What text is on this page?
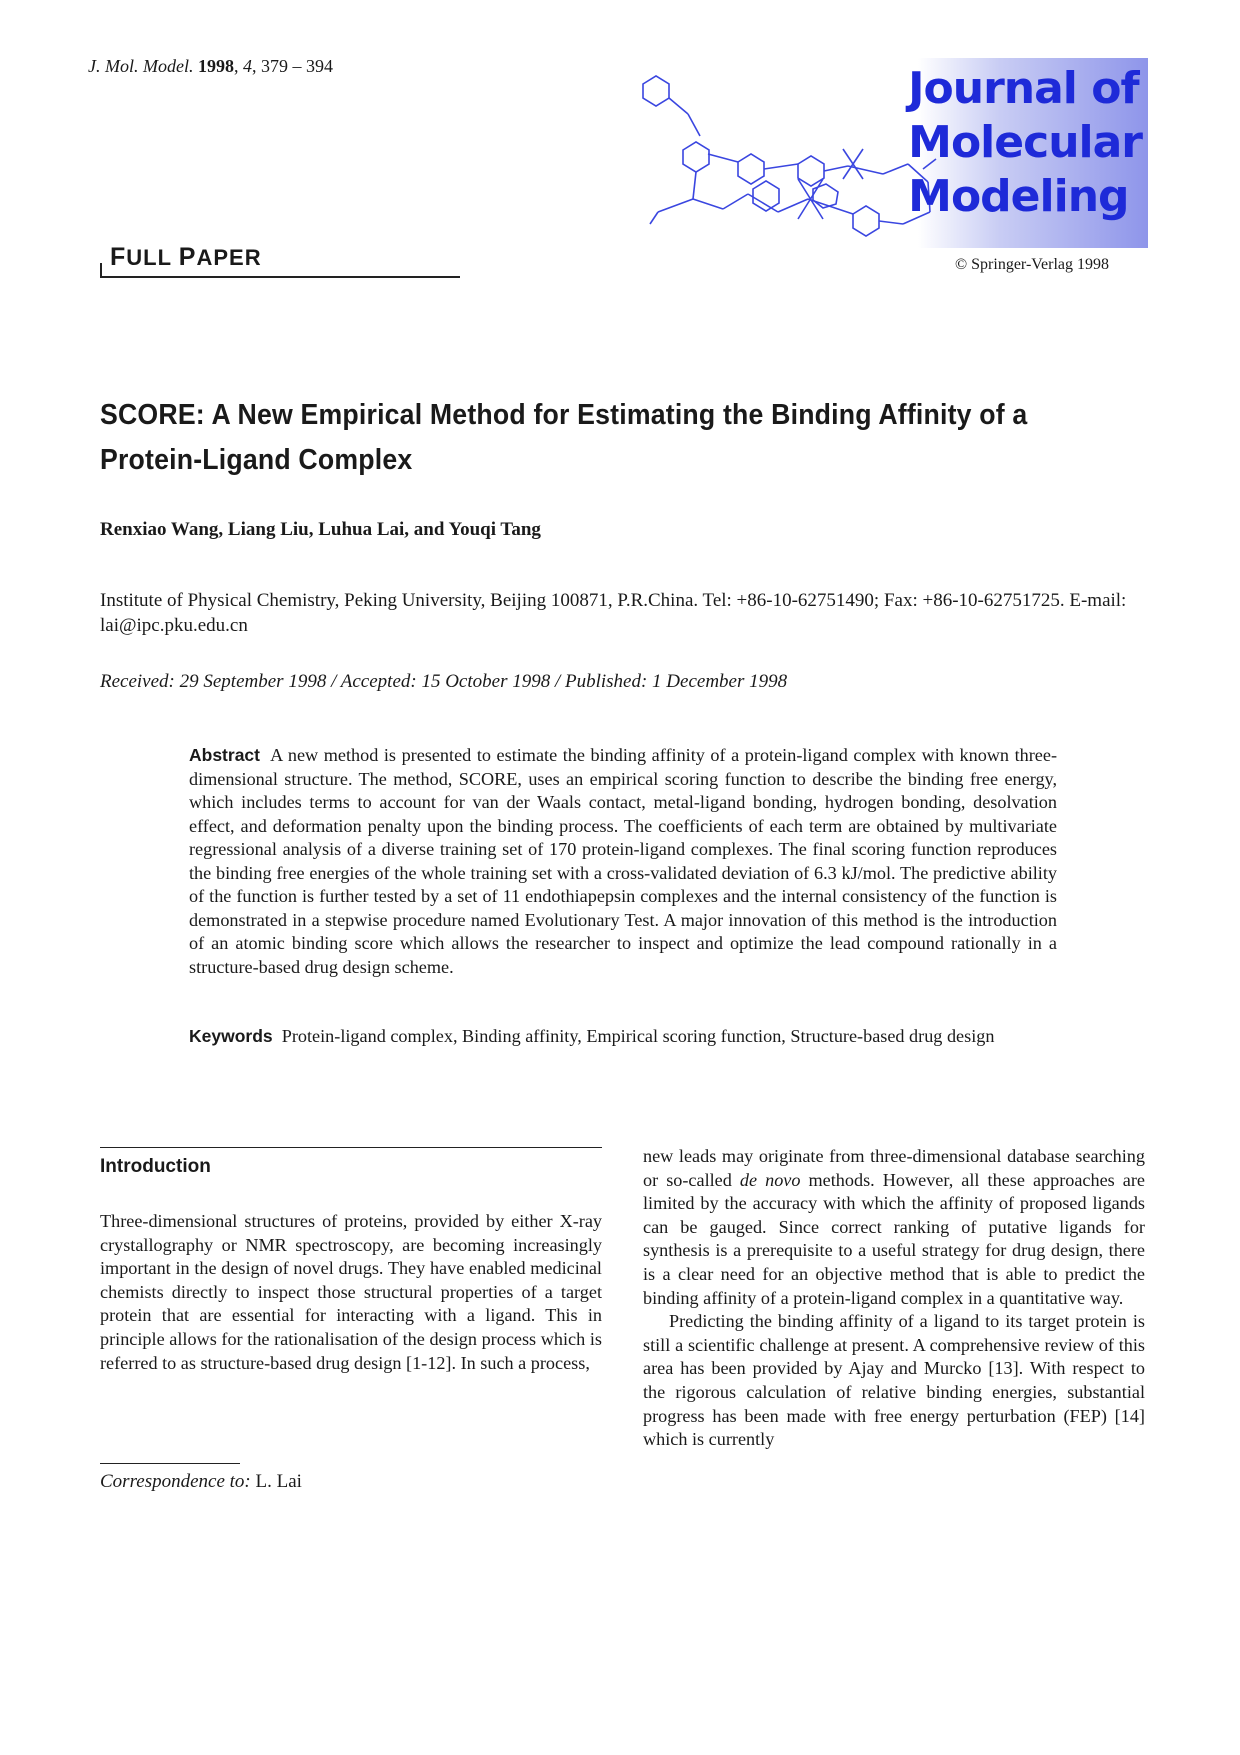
J. Mol. Model. 1998, 4, 379 – 394	Journal of
Molecular
Modeling
© Springer-Verlag 1998
FULL PAPER
SCORE: A New Empirical Method for Estimating the Binding Affinity of a Protein-Ligand Complex
Renxiao Wang, Liang Liu, Luhua Lai, and Youqi Tang
Institute of Physical Chemistry, Peking University, Beijing 100871, P.R.China. Tel: +86-10-62751490; Fax: +86-10-62751725. E-mail: lai@ipc.pku.edu.cn
Received: 29 September 1998 / Accepted: 15 October 1998 / Published: 1 December 1998
Abstract A new method is presented to estimate the binding affinity of a protein-ligand complex with known three-dimensional structure. The method, SCORE, uses an empirical scoring function to describe the binding free energy, which includes terms to account for van der Waals contact, metal-ligand bonding, hydrogen bonding, desolvation effect, and deformation penalty upon the binding process. The coefficients of each term are obtained by multivariate regressional analysis of a diverse training set of 170 protein-ligand complexes. The final scoring function reproduces the binding free energies of the whole training set with a cross-validated deviation of 6.3 kJ/mol. The predictive ability of the function is further tested by a set of 11 endothiapepsin complexes and the internal consistency of the function is demonstrated in a stepwise procedure named Evolutionary Test. A major innovation of this method is the introduction of an atomic binding score which allows the researcher to inspect and optimize the lead compound rationally in a structure-based drug design scheme.
Keywords Protein-ligand complex, Binding affinity, Empirical scoring function, Structure-based drug design
Introduction

Three-dimensional structures of proteins, provided by either X-ray crystallography or NMR spectroscopy, are becoming increasingly important in the design of novel drugs. They have enabled medicinal chemists directly to inspect those structural properties of a target protein that are essential for interacting with a ligand. This in principle allows for the rationalisation of the design process which is referred to as structure-based drug design [1-12]. In such a process,

new leads may originate from three-dimensional database searching or so-called de novo methods. However, all these approaches are limited by the accuracy with which the affinity of proposed ligands can be gauged. Since correct ranking of putative ligands for synthesis is a prerequisite to a useful strategy for drug design, there is a clear need for an objective method that is able to predict the binding affinity of a protein-ligand complex in a quantitative way.

Predicting the binding affinity of a ligand to its target protein is still a scientific challenge at present. A comprehensive review of this area has been provided by Ajay and Murcko [13]. With respect to the rigorous calculation of relative binding energies, substantial progress has been made with free energy perturbation (FEP) [14] which is currently

Correspondence to: L. Lai
